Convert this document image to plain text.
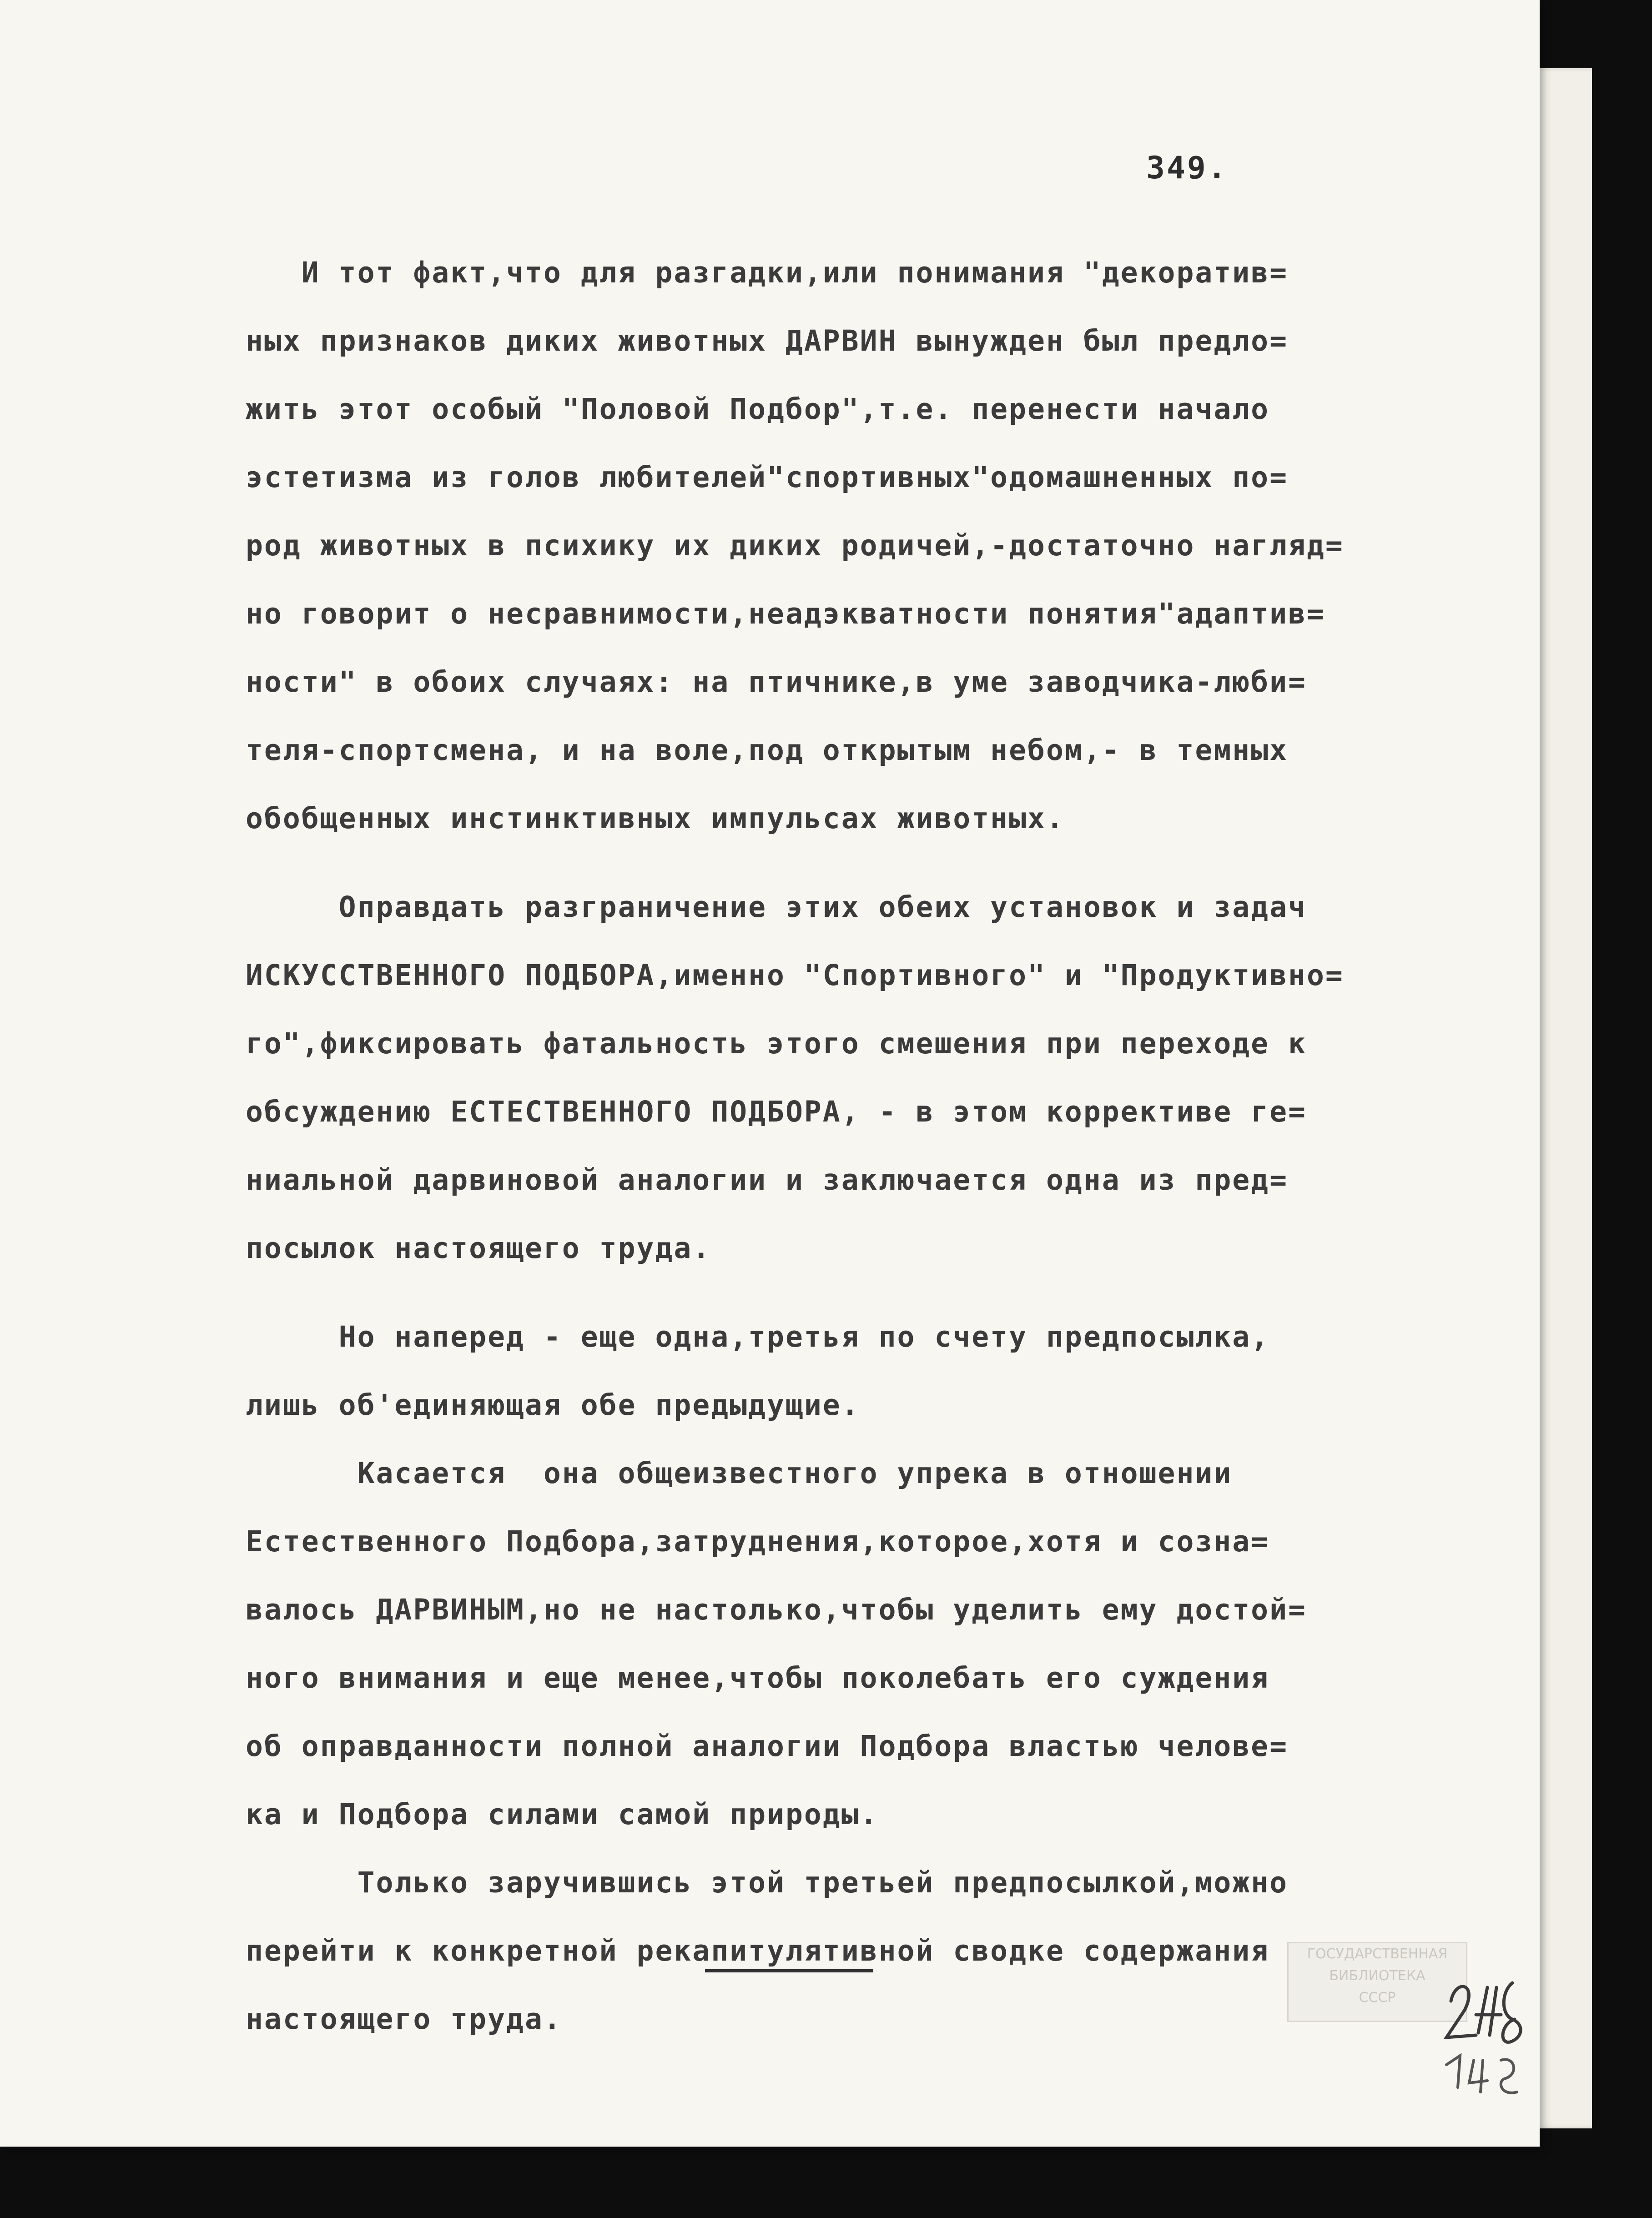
349.
И тот факт,что для разгадки,или понимания "декоратив=
ных признаков диких животных ДАРВИН вынужден был предло=
жить этот особый "Половой Подбор",т.е. перенести начало
эстетизма из голов любителей"спортивных"одомашненных по=
род животных в психику их диких родичей,-достаточно нагляд=
но говорит о несравнимости,неадэкватности понятия"адаптив=
ности" в обоих случаях: на птичнике,в уме заводчика-люби=
теля-спортсмена, и на воле,под открытым небом,- в темных
обобщенных инстинктивных импульсах животных.
Оправдать разграничение этих обеих установок и задач
ИСКУССТВЕННОГО ПОДБОРА,именно "Спортивного" и "Продуктивно=
го",фиксировать фатальность этого смешения при переходе к
обсуждению ЕСТЕСТВЕННОГО ПОДБОРА, - в этом коррективе ге=
ниальной дарвиновой аналогии и заключается одна из пред=
посылок настоящего труда.
Но наперед - еще одна,третья по счету предпосылка,
лишь об'единяющая обе предыдущие.
Касается  она общеизвестного упрека в отношении
Естественного Подбора,затруднения,которое,хотя и созна=
валось ДАРВИНЫМ,но не настолько,чтобы уделить ему достой=
ного внимания и еще менее,чтобы поколебать его суждения
об оправданности полной аналогии Подбора властью челове=
ка и Подбора силами самой природы.
Только заручившись этой третьей предпосылкой,можно
перейти к конкретной рекапитулятивной сводке содержания
настоящего труда.
ГОСУДАРСТВЕННАЯ
БИБЛИОТЕКА
СССР
